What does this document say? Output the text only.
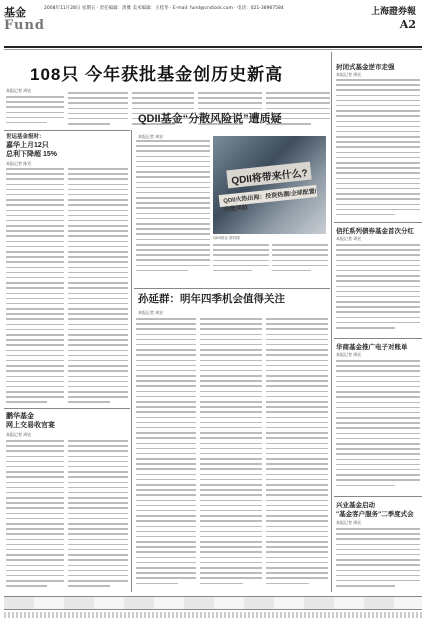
基金
Fund
2008年11月28日 星期五 · 责任编辑：唐雅 美术编辑：王桂华 · E-mail: fund@cnstock.com · 电话：021-38967584	上海證券報
A2
108只 今年获批基金创历史新高
本报记者 周宏
世运基金报时：
嘉华上月12只
总利下降超 15%
本报记者 陈芳
鹏华基金
网上交易收官宴
本报记者 周宏
QDII基金“分散风险说”遭质疑
本报记者 周宏
QDII将带来什么?
QDII火热出海：投资热潮/全球配置/分散风险
QDII基金 资料图
孙延群：明年四季机会值得关注
本报记者 周宏
封闭式基金逆市走强
本报记者 周宏
信托系列债券基金首次分红
本报记者 周宏
华商基金推广电子对账单
本报记者 周宏
兴业基金启动
"基金客户服务"二季度式会
本报记者 周宏
